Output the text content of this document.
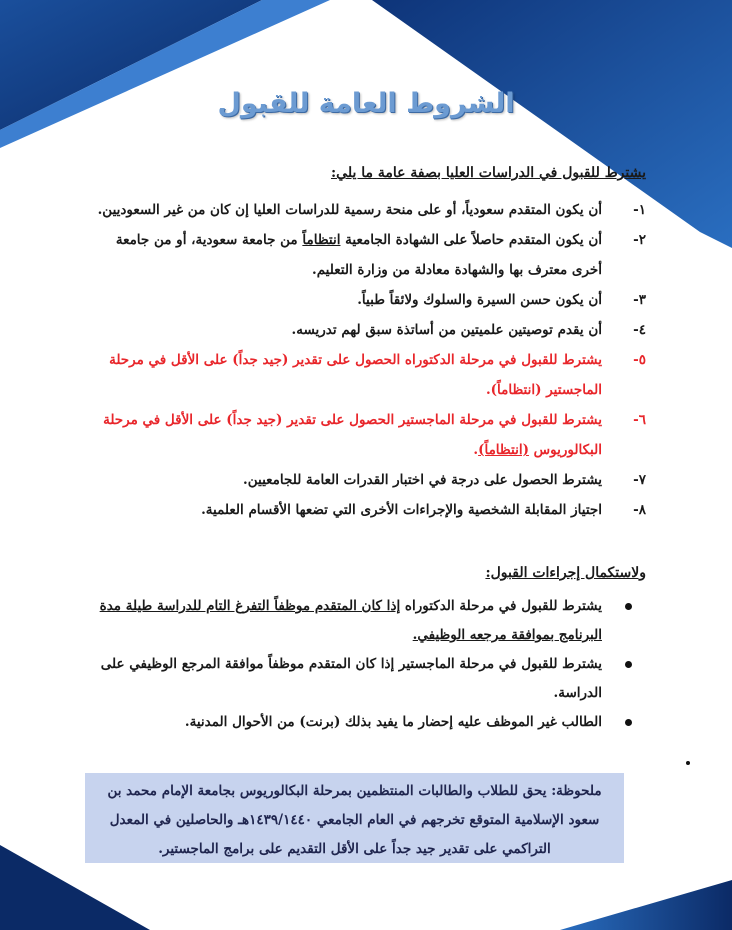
الشروط العامة للقبول
يشترط للقبول في الدراسات العليا بصفة عامة ما يلي:
١-
أن يكون المتقدم سعودياً، أو على منحة رسمية للدراسات العليا إن كان من غير السعوديين.
٢-
أن يكون المتقدم حاصلاً على الشهادة الجامعية انتظاماً من جامعة سعودية، أو من جامعة أخرى معترف بها والشهادة معادلة من وزارة التعليم.
٣-
أن يكون حسن السيرة والسلوك ولائقاً طبياً.
٤-
أن يقدم توصيتين علميتين من أساتذة سبق لهم تدريسه.
٥-
يشترط للقبول في مرحلة الدكتوراه الحصول على تقدير (جيد جداً) على الأقل في مرحلة الماجستير (انتظاماً).
٦-
يشترط للقبول في مرحلة الماجستير الحصول على تقدير (جيد جداً) على الأقل في مرحلة البكالوريوس (انتظاماً).
٧-
يشترط الحصول على درجة في اختبار القدرات العامة للجامعيين.
٨-
اجتياز المقابلة الشخصية والإجراءات الأخرى التي تضعها الأقسام العلمية.
ولاستكمال إجراءات القبول:
يشترط للقبول في مرحلة الدكتوراه إذا كان المتقدم موظفاً التفرغ التام للدراسة طيلة مدة البرنامج بموافقة مرجعه الوظيفي.
يشترط للقبول في مرحلة الماجستير إذا كان المتقدم موظفاً موافقة المرجع الوظيفي على الدراسة.
الطالب غير الموظف عليه إحضار ما يفيد بذلك (برنت) من الأحوال المدنية.
ملحوظة: يحق للطلاب والطالبات المنتظمين بمرحلة البكالوريوس بجامعة الإمام محمد بن سعود الإسلامية المتوقع تخرجهم في العام الجامعي ١٤٣٩/١٤٤٠هـ والحاصلين في المعدل التراكمي على تقدير جيد جداً على الأقل التقديم على برامج الماجستير.
